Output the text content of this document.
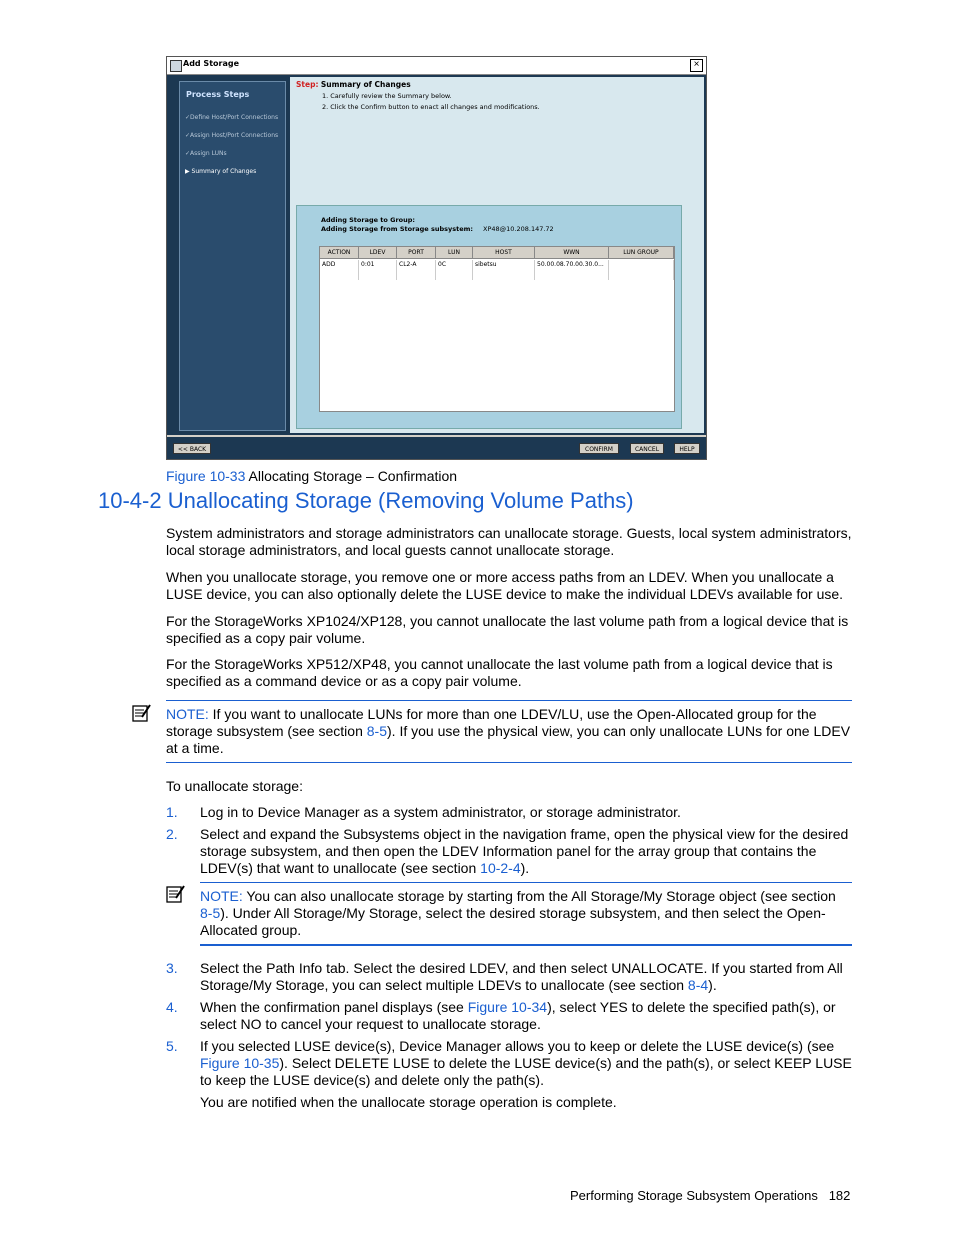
Add Storage	×
Process Steps
✓Define Host/Port Connections
✓Assign Host/Port Connections
✓Assign LUNs
▶ Summary of Changes
Step: Summary of Changes
1. Carefully review the Summary below.
2. Click the Confirm button to enact all changes and modifications.
Adding Storage to Group:
Adding Storage from Storage subsystem: XP48@10.208.147.72
ACTION	LDEV	PORT	LUN	HOST	WWN	LUN GROUP
ADD	0:01	CL2-A	0C	sibetsu	50.00.08.70.00.30.0...
<< BACK	CONFIRM	CANCEL	HELP
Figure 10-33 Allocating Storage – Confirmation
10-4-2 Unallocating Storage (Removing Volume Paths)
System administrators and storage administrators can unallocate storage. Guests, local system administrators, local storage administrators, and local guests cannot unallocate storage.
When you unallocate storage, you remove one or more access paths from an LDEV. When you unallocate a LUSE device, you can also optionally delete the LUSE device to make the individual LDEVs available for use.
For the StorageWorks XP1024/XP128, you cannot unallocate the last volume path from a logical device that is specified as a copy pair volume.
For the StorageWorks XP512/XP48, you cannot unallocate the last volume path from a logical device that is specified as a command device or as a copy pair volume.
NOTE: If you want to unallocate LUNs for more than one LDEV/LU, use the Open-Allocated group for the storage subsystem (see section 8-5). If you use the physical view, you can only unallocate LUNs for one LDEV at a time.
To unallocate storage:
1. Log in to Device Manager as a system administrator, or storage administrator.
2. Select and expand the Subsystems object in the navigation frame, open the physical view for the desired storage subsystem, and then open the LDEV Information panel for the array group that contains the LDEV(s) that want to unallocate (see section 10-2-4).
NOTE: You can also unallocate storage by starting from the All Storage/My Storage object (see section 8-5). Under All Storage/My Storage, select the desired storage subsystem, and then select the Open-Allocated group.
3. Select the Path Info tab. Select the desired LDEV, and then select UNALLOCATE. If you started from All Storage/My Storage, you can select multiple LDEVs to unallocate (see section 8-4).
4. When the confirmation panel displays (see Figure 10-34), select YES to delete the specified path(s), or select NO to cancel your request to unallocate storage.
5. If you selected LUSE device(s), Device Manager allows you to keep or delete the LUSE device(s) (see Figure 10-35). Select DELETE LUSE to delete the LUSE device(s) and the path(s), or select KEEP LUSE to keep the LUSE device(s) and delete only the path(s).
You are notified when the unallocate storage operation is complete.
Performing Storage Subsystem Operations 182
